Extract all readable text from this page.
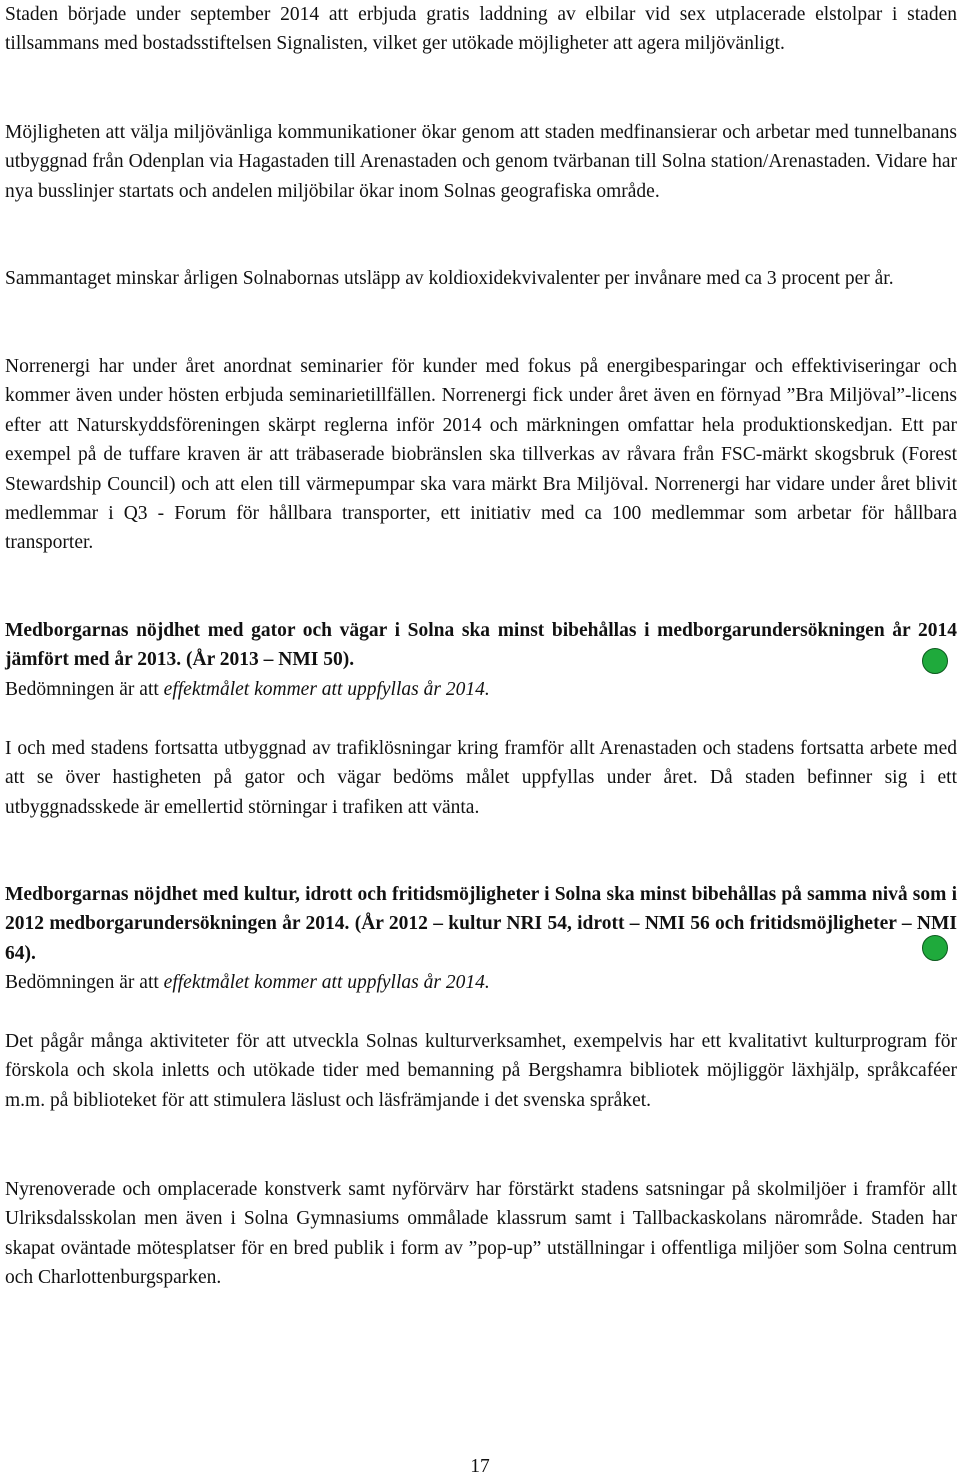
Staden började under september 2014 att erbjuda gratis laddning av elbilar vid sex utplacerade elstolpar i staden tillsammans med bostadsstiftelsen Signalisten, vilket ger utökade möjligheter att agera miljövänligt.

Möjligheten att välja miljövänliga kommunikationer ökar genom att staden medfinansierar och arbetar med tunnelbanans utbyggnad från Odenplan via Hagastaden till Arenastaden och genom tvärbanan till Solna station/Arenastaden. Vidare har nya busslinjer startats och andelen miljöbilar ökar inom Solnas geografiska område.

Sammantaget minskar årligen Solnabornas utsläpp av koldioxidekvivalenter per invånare med ca 3 procent per år.

Norrenergi har under året anordnat seminarier för kunder med fokus på energibesparingar och effektiviseringar och kommer även under hösten erbjuda seminarietillfällen. Norrenergi fick under året även en förnyad ”Bra Miljöval”-licens efter att Naturskyddsföreningen skärpt reglerna inför 2014 och märkningen omfattar hela produktionskedjan. Ett par exempel på de tuffare kraven är att träbaserade biobränslen ska tillverkas av råvara från FSC-märkt skogsbruk (Forest Stewardship Council) och att elen till värmepumpar ska vara märkt Bra Miljöval. Norrenergi har vidare under året blivit medlemmar i Q3 - Forum för hållbara transporter, ett initiativ med ca 100 medlemmar som arbetar för hållbara transporter.

Medborgarnas nöjdhet med gator och vägar i Solna ska minst bibehållas i medborgarundersökningen år 2014 jämfört med år 2013. (År 2013 – NMI 50).

Bedömningen är att effektmålet kommer att uppfyllas år 2014.

I och med stadens fortsatta utbyggnad av trafiklösningar kring framför allt Arenastaden och stadens fortsatta arbete med att se över hastigheten på gator och vägar bedöms målet uppfyllas under året. Då staden befinner sig i ett utbyggnadsskede är emellertid störningar i trafiken att vänta.

Medborgarnas nöjdhet med kultur, idrott och fritidsmöjligheter i Solna ska minst bibehållas på samma nivå som i 2012 medborgarundersökningen år 2014. (År 2012 – kultur NRI 54, idrott – NMI 56 och fritidsmöjligheter – NMI 64).

Bedömningen är att effektmålet kommer att uppfyllas år 2014.

Det pågår många aktiviteter för att utveckla Solnas kulturverksamhet, exempelvis har ett kvalitativt kulturprogram för förskola och skola inletts och utökade tider med bemanning på Bergshamra bibliotek möjliggör läxhjälp, språkcaféer m.m. på biblioteket för att stimulera läslust och läsfrämjande i det svenska språket.

Nyrenoverade och omplacerade konstverk samt nyförvärv har förstärkt stadens satsningar på skolmiljöer i framför allt Ulriksdalsskolan men även i Solna Gymnasiums ommålade klassrum samt i Tallbackaskolans närområde. Staden har skapat oväntade mötesplatser för en bred publik i form av ”pop-up” utställningar i offentliga miljöer som Solna centrum och Charlottenburgsparken.

17
